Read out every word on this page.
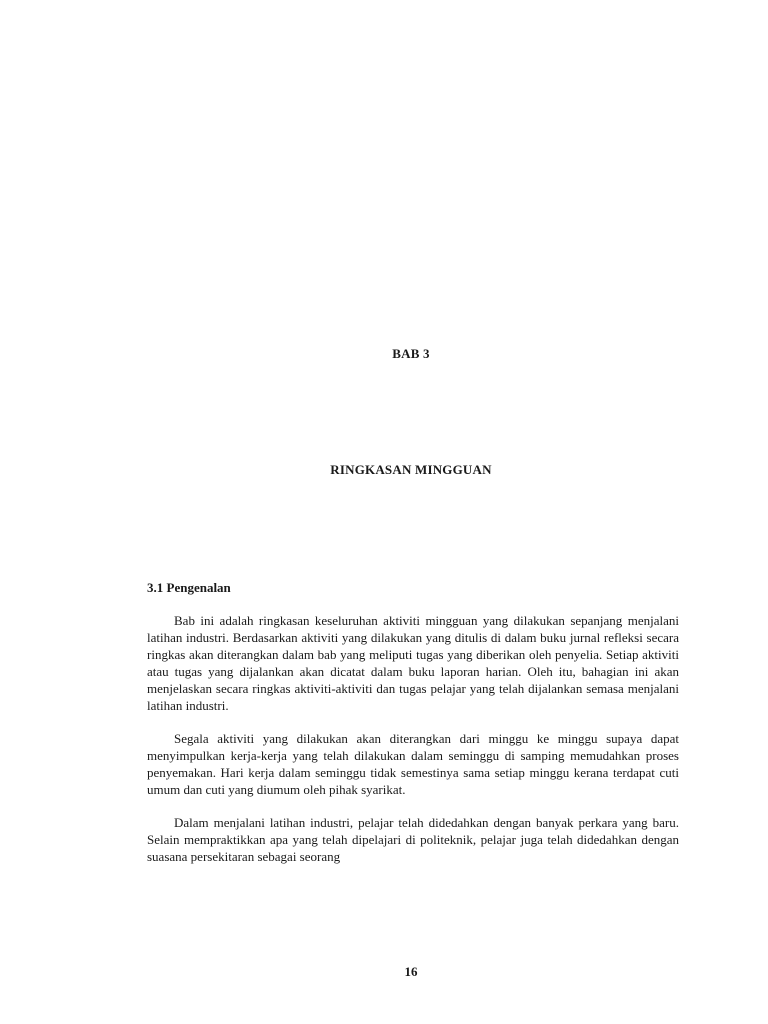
BAB 3
RINGKASAN MINGGUAN

3.1 Pengenalan

Bab ini adalah ringkasan keseluruhan aktiviti mingguan yang dilakukan sepanjang menjalani latihan industri. Berdasarkan aktiviti yang dilakukan yang ditulis di dalam buku jurnal refleksi secara ringkas akan diterangkan dalam bab yang meliputi tugas yang diberikan oleh penyelia. Setiap aktiviti atau tugas yang dijalankan akan dicatat dalam buku laporan harian. Oleh itu, bahagian ini akan menjelaskan secara ringkas aktiviti-aktiviti dan tugas pelajar yang telah dijalankan semasa menjalani latihan industri.

Segala aktiviti yang dilakukan akan diterangkan dari minggu ke minggu supaya dapat menyimpulkan kerja-kerja yang telah dilakukan dalam seminggu di samping memudahkan proses penyemakan. Hari kerja dalam seminggu tidak semestinya sama setiap minggu kerana terdapat cuti umum dan cuti yang diumum oleh pihak syarikat.

Dalam menjalani latihan industri, pelajar telah didedahkan dengan banyak perkara yang baru. Selain mempraktikkan apa yang telah dipelajari di politeknik, pelajar juga telah didedahkan dengan suasana persekitaran sebagai seorang

16
